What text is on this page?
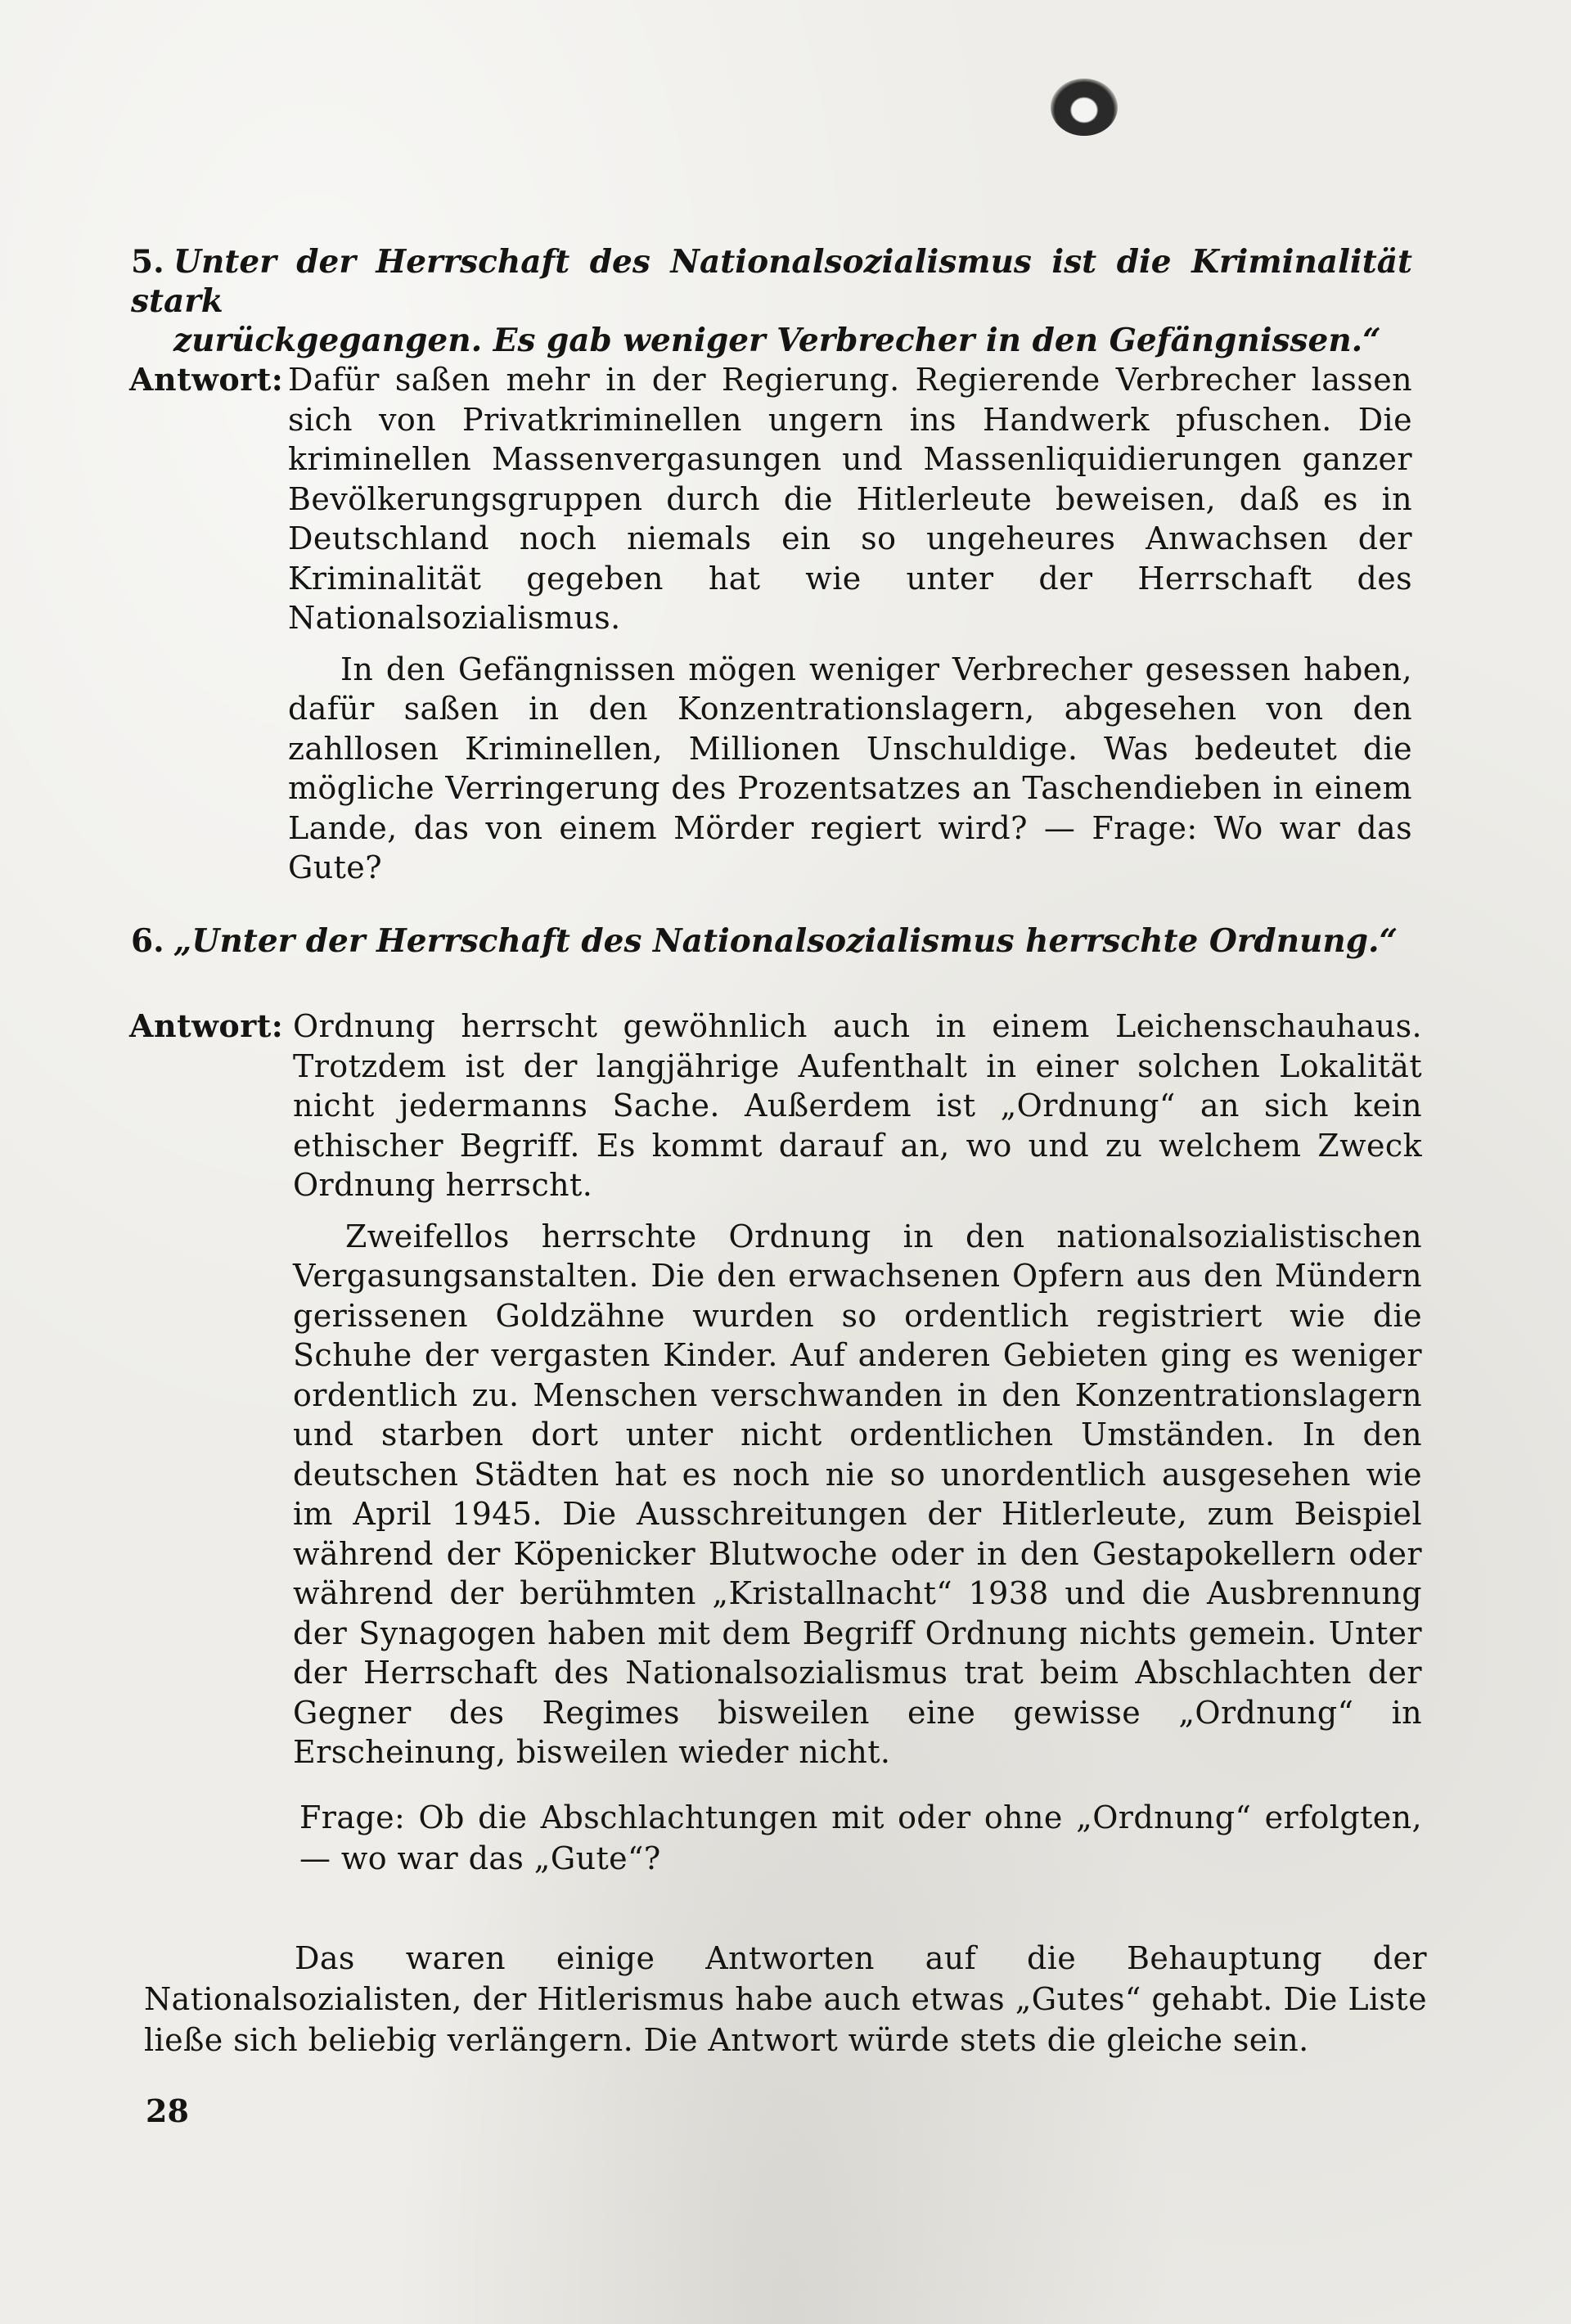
5. Unter der Herrschaft des Nationalsozialismus ist die Kriminalität stark
zurückgegangen. Es gab weniger Verbrecher in den Gefängnissen.“

Antwort: Dafür saßen mehr in der Regierung. Regierende Verbrecher lassen sich von Privatkriminellen ungern ins Handwerk pfuschen. Die kriminellen Massenvergasungen und Massenliquidierungen ganzer Bevölkerungsgruppen durch die Hitlerleute beweisen, daß es in Deutschland noch niemals ein so ungeheures Anwachsen der Kriminalität gegeben hat wie unter der Herrschaft des Nationalsozialismus.

In den Gefängnissen mögen weniger Verbrecher gesessen haben, dafür saßen in den Konzentrationslagern, abgesehen von den zahllosen Kriminellen, Millionen Unschuldige. Was bedeutet die mögliche Verringerung des Prozentsatzes an Taschendieben in einem Lande, das von einem Mörder regiert wird? — Frage: Wo war das Gute?

6. „Unter der Herrschaft des Nationalsozialismus herrschte Ordnung.“

Antwort: Ordnung herrscht gewöhnlich auch in einem Leichenschauhaus. Trotzdem ist der langjährige Aufenthalt in einer solchen Lokalität nicht jedermanns Sache. Außerdem ist „Ordnung“ an sich kein ethischer Begriff. Es kommt darauf an, wo und zu welchem Zweck Ordnung herrscht.

Zweifellos herrschte Ordnung in den nationalsozialistischen Vergasungsanstalten. Die den erwachsenen Opfern aus den Mündern gerissenen Goldzähne wurden so ordentlich registriert wie die Schuhe der vergasten Kinder. Auf anderen Gebieten ging es weniger ordentlich zu. Menschen verschwanden in den Konzentrationslagern und starben dort unter nicht ordentlichen Umständen. In den deutschen Städten hat es noch nie so unordentlich ausgesehen wie im April 1945. Die Ausschreitungen der Hitlerleute, zum Beispiel während der Köpenicker Blutwoche oder in den Gestapokellern oder während der berühmten „Kristallnacht“ 1938 und die Ausbrennung der Synagogen haben mit dem Begriff Ordnung nichts gemein. Unter der Herrschaft des Nationalsozialismus trat beim Abschlachten der Gegner des Regimes bisweilen eine gewisse „Ordnung“ in Erscheinung, bisweilen wieder nicht.

Frage: Ob die Abschlachtungen mit oder ohne „Ordnung“ erfolgten, — wo war das „Gute“?

Das waren einige Antworten auf die Behauptung der Nationalsozialisten, der Hitlerismus habe auch etwas „Gutes“ gehabt. Die Liste ließe sich beliebig verlängern. Die Antwort würde stets die gleiche sein.

28
